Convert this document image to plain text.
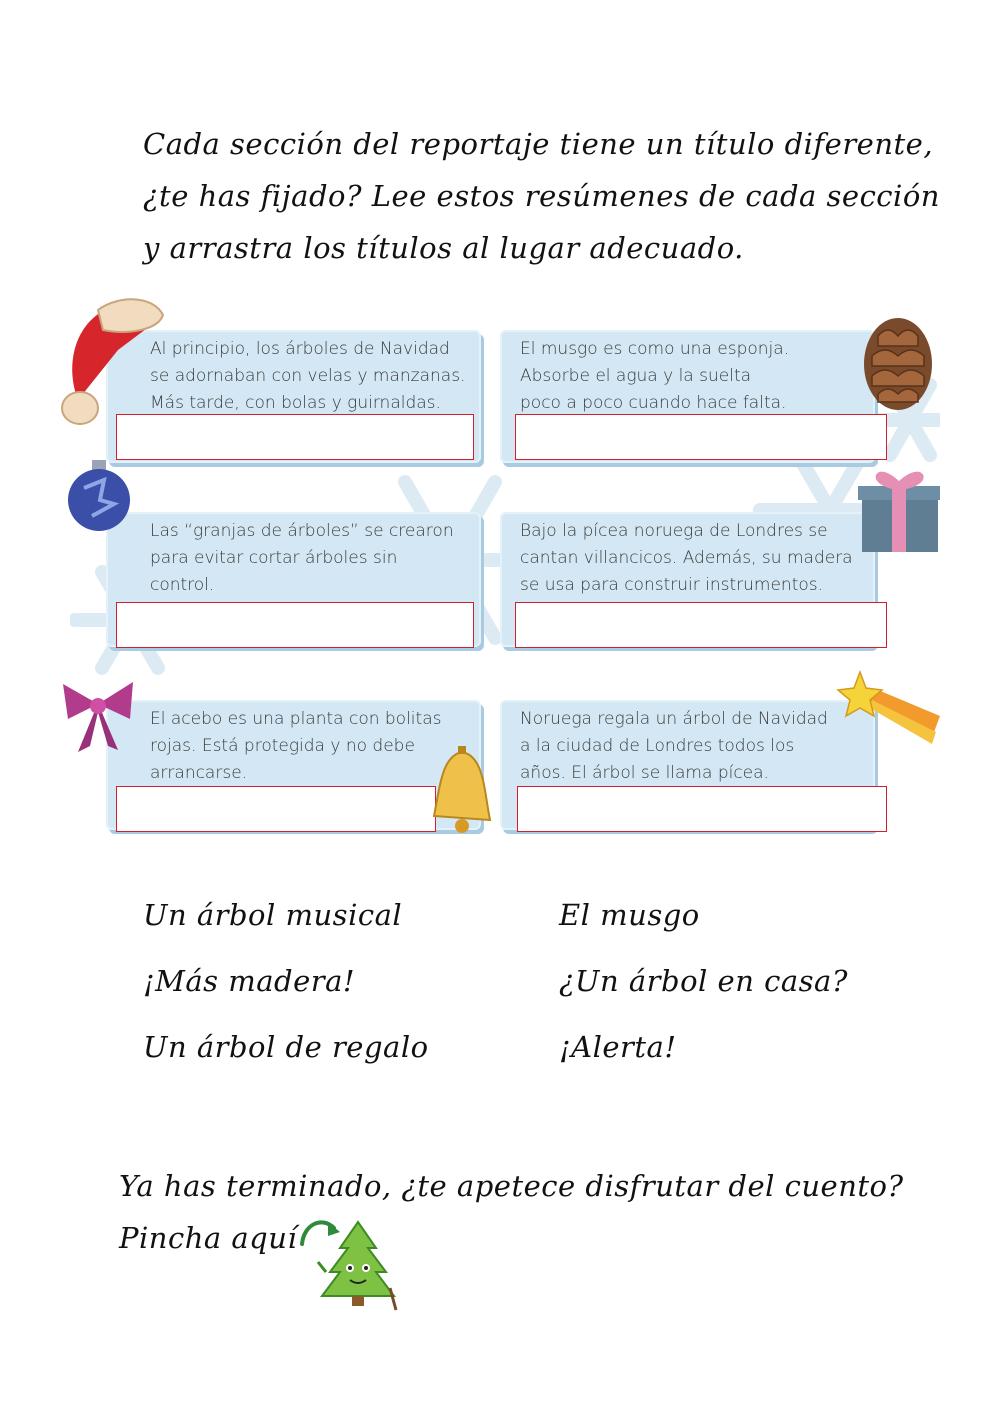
Cada sección del reportaje tiene un título diferente,

¿te has fijado? Lee estos resúmenes de cada sección

y arrastra los títulos al lugar adecuado.

Al principio, los árboles de Navidad
se adornaban con velas y manzanas.
Más tarde, con bolas y guirnaldas.
El musgo es como una esponja.
Absorbe el agua y la suelta
poco a poco cuando hace falta.
Las “granjas de árboles” se crearon
para evitar cortar árboles sin
control.
Bajo la pícea noruega de Londres se
cantan villancicos. Además, su madera
se usa para construir instrumentos.
El acebo es una planta con bolitas
rojas. Está protegida y no debe
arrancarse.
Noruega regala un árbol de Navidad
a la ciudad de Londres todos los
años. El árbol se llama pícea.
Un árbol musical	El musgo
¡Más madera!	¿Un árbol en casa?
Un árbol de regalo	¡Alerta!

Ya has terminado, ¿te apetece disfrutar del cuento?

Pincha aquí
